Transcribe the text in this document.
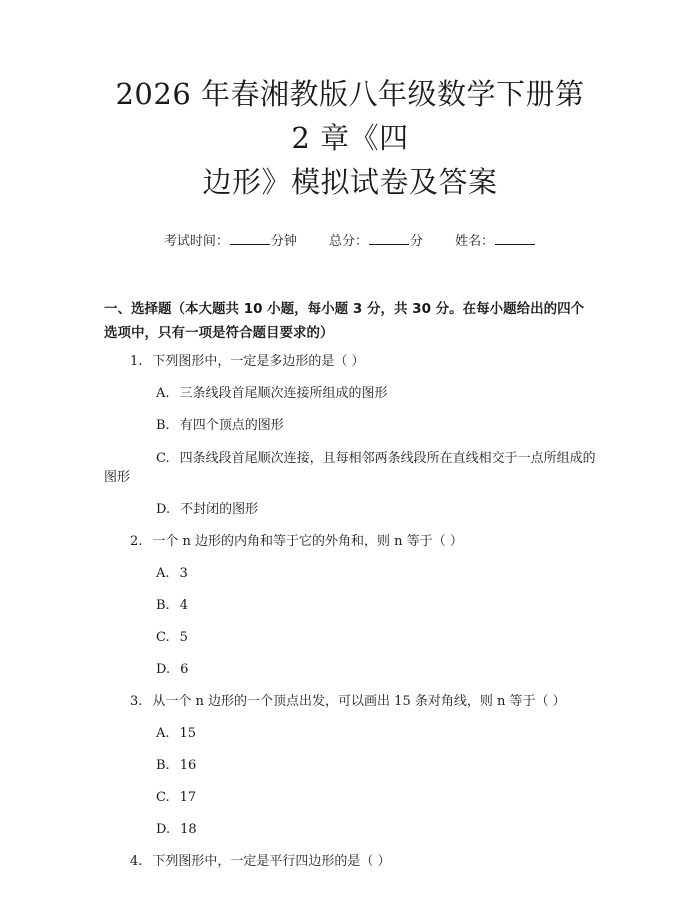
2026 年春湘教版八年级数学下册第 2 章《四
边形》模拟试卷及答案
考试时间：	分钟 总分：	分 姓名：
一、选择题（本大题共 10 小题，每小题 3 分，共 30 分。在每小题给出的四个选项中，只有一项是符合题目要求的）
1. 下列图形中，一定是多边形的是（ ）
A. 三条线段首尾顺次连接所组成的图形
B. 有四个顶点的图形
C. 四条线段首尾顺次连接，且每相邻两条线段所在直线相交于一点所组成的图形
D. 不封闭的图形
2. 一个 n 边形的内角和等于它的外角和，则 n 等于（ ）
A. 3
B. 4
C. 5
D. 6
3. 从一个 n 边形的一个顶点出发，可以画出 15 条对角线，则 n 等于（ ）
A. 15
B. 16
C. 17
D. 18
4. 下列图形中，一定是平行四边形的是（ ）
